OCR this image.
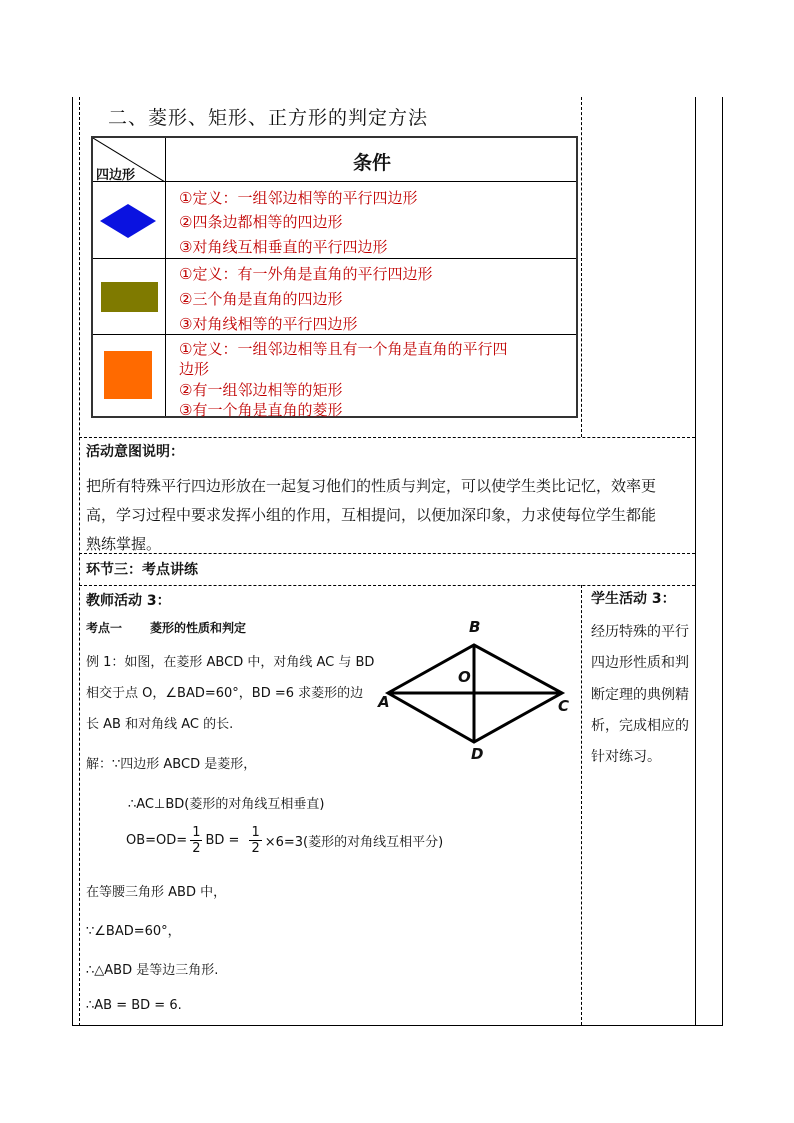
二、菱形、矩形、正方形的判定方法
四边形
条件
①定义：一组邻边相等的平行四边形
②四条边都相等的四边形
③对角线互相垂直的平行四边形
①定义：有一外角是直角的平行四边形
②三个角是直角的四边形
③对角线相等的平行四边形
①定义：一组邻边相等且有一个角是直角的平行四
边形
②有一组邻边相等的矩形
③有一个角是直角的菱形
活动意图说明：
把所有特殊平行四边形放在一起复习他们的性质与判定，可以使学生类比记忆，效率更
高，学习过程中要求发挥小组的作用，互相提问，以便加深印象，力求使每位学生都能
熟练掌握。
环节三：考点讲练
教师活动 3：
考点一 菱形的性质和判定
例 1：如图，在菱形 ABCD 中，对角线 AC 与 BD
相交于点 O，∠BAD=60°，BD =6 求菱形的边
长 AB 和对角线 AC 的长.
解：∵四边形 ABCD 是菱形，
∴AC⊥BD(菱形的对角线互相垂直)
$OB=OD= \frac{1}{2}$ BD = $\frac{1}{2} \times 6=3$(菱形的对角线互相平分)
在等腰三角形 ABD 中，
∵∠BAD=60°，
∴△ABD 是等边三角形.
∴AB = BD = 6.
B
A	C
D
O
学生活动 3：
经历特殊的平行
四边形性质和判
断定理的典例精
析，完成相应的
针对练习。
